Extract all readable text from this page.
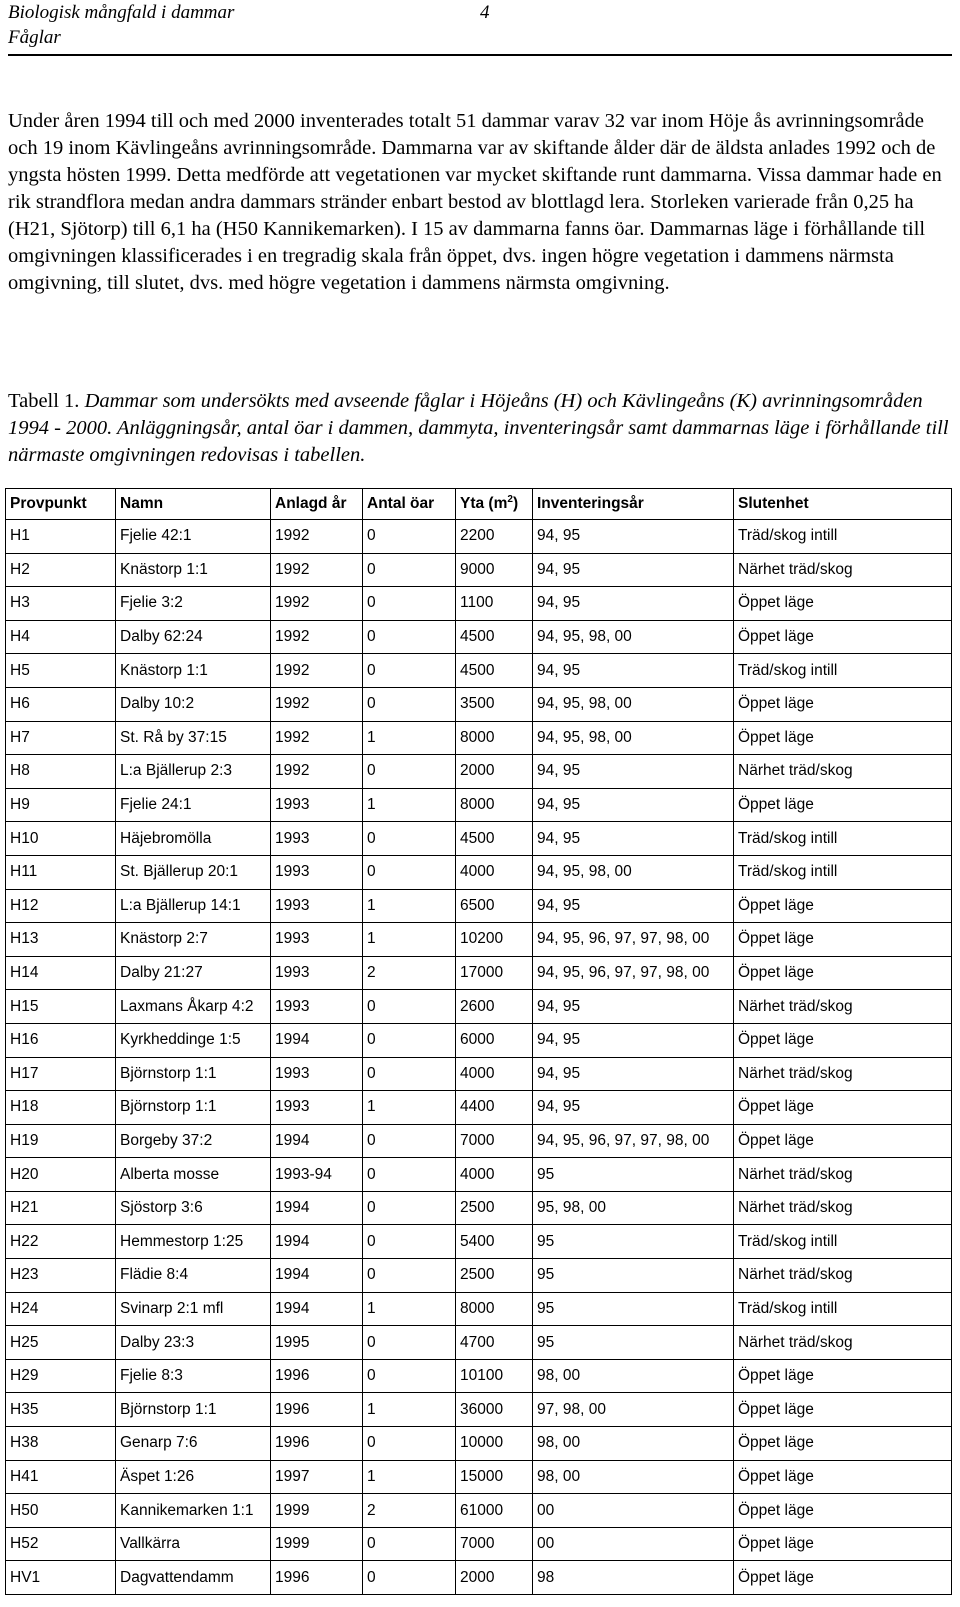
Biologisk mångfald i dammar	4
Fåglar

Under åren 1994 till och med 2000 inventerades totalt 51 dammar varav 32 var inom Höje ås avrinningsområde och 19 inom Kävlingeåns avrinningsområde. Dammarna var av skiftande ålder där de äldsta anlades 1992 och de yngsta hösten 1999. Detta medförde att vegetationen var mycket skiftande runt dammarna. Vissa dammar hade en rik strandflora medan andra dammars stränder enbart bestod av blottlagd lera. Storleken varierade från 0,25 ha (H21, Sjötorp) till 6,1 ha (H50 Kannikemarken). I 15 av dammarna fanns öar. Dammarnas läge i förhållande till omgivningen klassificerades i en tregradig skala från öppet, dvs. ingen högre vegetation i dammens närmsta omgivning, till slutet, dvs. med högre vegetation i dammens närmsta omgivning.

Tabell 1. Dammar som undersökts med avseende fåglar i Höjeåns (H) och Kävlingeåns (K) avrinningsområden 1994 - 2000. Anläggningsår, antal öar i dammen, dammyta, inventeringsår samt dammarnas läge i förhållande till närmaste omgivningen redovisas i tabellen.

Provpunkt	Namn	Anlagd år	Antal öar	Yta $(m^2)$	Inventeringsår	Slutenhet
H1	Fjelie 42:1	1992	0	2200	94, 95	Träd/skog intill
H2	Knästorp 1:1	1992	0	9000	94, 95	Närhet träd/skog
H3	Fjelie 3:2	1992	0	1100	94, 95	Öppet läge
H4	Dalby 62:24	1992	0	4500	94, 95, 98, 00	Öppet läge
H5	Knästorp 1:1	1992	0	4500	94, 95	Träd/skog intill
H6	Dalby 10:2	1992	0	3500	94, 95, 98, 00	Öppet läge
H7	St. Rå by 37:15	1992	1	8000	94, 95, 98, 00	Öppet läge
H8	L:a Bjällerup 2:3	1992	0	2000	94, 95	Närhet träd/skog
H9	Fjelie 24:1	1993	1	8000	94, 95	Öppet läge
H10	Häjebromölla	1993	0	4500	94, 95	Träd/skog intill
H11	St. Bjällerup 20:1	1993	0	4000	94, 95, 98, 00	Träd/skog intill
H12	L:a Bjällerup 14:1	1993	1	6500	94, 95	Öppet läge
H13	Knästorp 2:7	1993	1	10200	94, 95, 96, 97, 97, 98, 00	Öppet läge
H14	Dalby 21:27	1993	2	17000	94, 95, 96, 97, 97, 98, 00	Öppet läge
H15	Laxmans Åkarp 4:2	1993	0	2600	94, 95	Närhet träd/skog
H16	Kyrkheddinge 1:5	1994	0	6000	94, 95	Öppet läge
H17	Björnstorp 1:1	1993	0	4000	94, 95	Närhet träd/skog
H18	Björnstorp 1:1	1993	1	4400	94, 95	Öppet läge
H19	Borgeby 37:2	1994	0	7000	94, 95, 96, 97, 97, 98, 00	Öppet läge
H20	Alberta mosse	1993-94	0	4000	95	Närhet träd/skog
H21	Sjöstorp 3:6	1994	0	2500	95, 98, 00	Närhet träd/skog
H22	Hemmestorp 1:25	1994	0	5400	95	Träd/skog intill
H23	Flädie 8:4	1994	0	2500	95	Närhet träd/skog
H24	Svinarp 2:1 mfl	1994	1	8000	95	Träd/skog intill
H25	Dalby 23:3	1995	0	4700	95	Närhet träd/skog
H29	Fjelie 8:3	1996	0	10100	98, 00	Öppet läge
H35	Björnstorp 1:1	1996	1	36000	97, 98, 00	Öppet läge
H38	Genarp 7:6	1996	0	10000	98, 00	Öppet läge
H41	Äspet 1:26	1997	1	15000	98, 00	Öppet läge
H50	Kannikemarken 1:1	1999	2	61000	00	Öppet läge
H52	Vallkärra	1999	0	7000	00	Öppet läge
HV1	Dagvattendamm	1996	0	2000	98	Öppet läge
